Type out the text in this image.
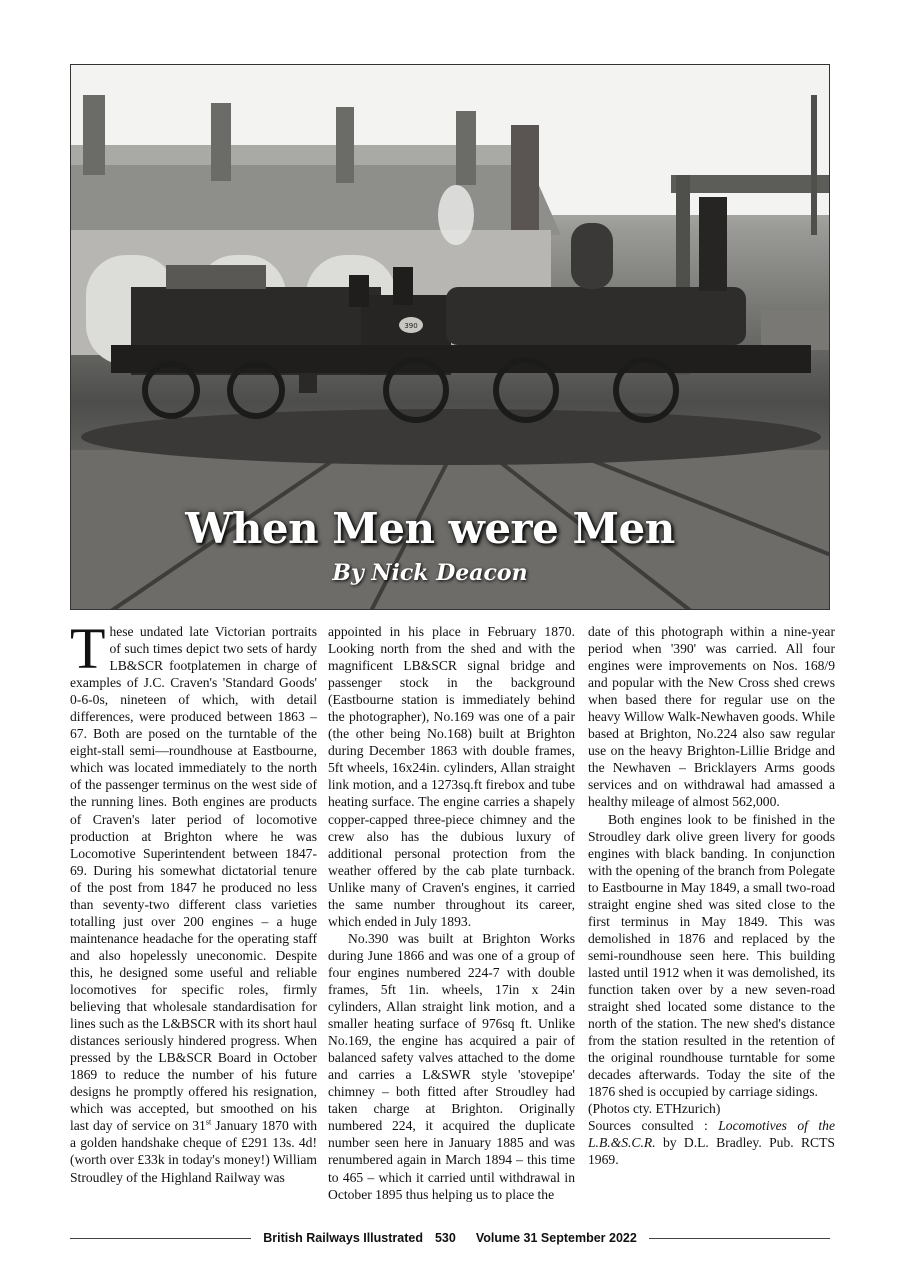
390
When Men were Men
By Nick Deacon
T hese undated late Victorian portraits of such times depict two sets of hardy LB&SCR footplatemen in charge of examples of J.C. Craven's 'Standard Goods' 0-6-0s, nineteen of which, with detail differences, were produced between 1863 – 67. Both are posed on the turntable of the eight-stall semi—roundhouse at Eastbourne, which was located immediately to the north of the passenger terminus on the west side of the running lines. Both engines are products of Craven's later period of locomotive production at Brighton where he was Locomotive Superintendent between 1847-69. During his somewhat dictatorial tenure of the post from 1847 he produced no less than seventy-two different class varieties totalling just over 200 engines – a huge maintenance headache for the operating staff and also hopelessly uneconomic. Despite this, he designed some useful and reliable locomotives for specific roles, firmly believing that wholesale standardisation for lines such as the L&BSCR with its short haul distances seriously hindered progress. When pressed by the LB&SCR Board in October 1869 to reduce the number of his future designs he promptly offered his resignation, which was accepted, but smoothed on his last day of service on 31st January 1870 with a golden handshake cheque of £291 13s. 4d! (worth over £33k in today's money!) William Stroudley of the Highland Railway was

appointed in his place in February 1870. Looking north from the shed and with the magnificent LB&SCR signal bridge and passenger stock in the background (Eastbourne station is immediately behind the photographer), No.169 was one of a pair (the other being No.168) built at Brighton during December 1863 with double frames, 5ft wheels, 16x24in. cylinders, Allan straight link motion, and a 1273sq.ft firebox and tube heating surface. The engine carries a shapely copper-capped three-piece chimney and the crew also has the dubious luxury of additional personal protection from the weather offered by the cab plate turnback. Unlike many of Craven's engines, it carried the same number throughout its career, which ended in July 1893.

No.390 was built at Brighton Works during June 1866 and was one of a group of four engines numbered 224-7 with double frames, 5ft 1in. wheels, 17in x 24in cylinders, Allan straight link motion, and a smaller heating surface of 976sq ft. Unlike No.169, the engine has acquired a pair of balanced safety valves attached to the dome and carries a L&SWR style 'stovepipe' chimney – both fitted after Stroudley had taken charge at Brighton. Originally numbered 224, it acquired the duplicate number seen here in January 1885 and was renumbered again in March 1894 – this time to 465 – which it carried until withdrawal in October 1895 thus helping us to place the

date of this photograph within a nine-year period when '390' was carried. All four engines were improvements on Nos. 168/9 and popular with the New Cross shed crews when based there for regular use on the heavy Willow Walk-Newhaven goods. While based at Brighton, No.224 also saw regular use on the heavy Brighton-Lillie Bridge and the Newhaven – Bricklayers Arms goods services and on withdrawal had amassed a healthy mileage of almost 562,000.

Both engines look to be finished in the Stroudley dark olive green livery for goods engines with black banding. In conjunction with the opening of the branch from Polegate to Eastbourne in May 1849, a small two-road straight engine shed was sited close to the first terminus in May 1849. This was demolished in 1876 and replaced by the semi-roundhouse seen here. This building lasted until 1912 when it was demolished, its function taken over by a new seven-road straight shed located some distance to the north of the station. The new shed's distance from the station resulted in the retention of the original roundhouse turntable for some decades afterwards. Today the site of the 1876 shed is occupied by carriage sidings.

(Photos cty. ETHzurich)

Sources consulted : Locomotives of the L.B.&S.C.R. by D.L. Bradley. Pub. RCTS 1969.

British Railways Illustrated 530 Volume 31 September 2022
